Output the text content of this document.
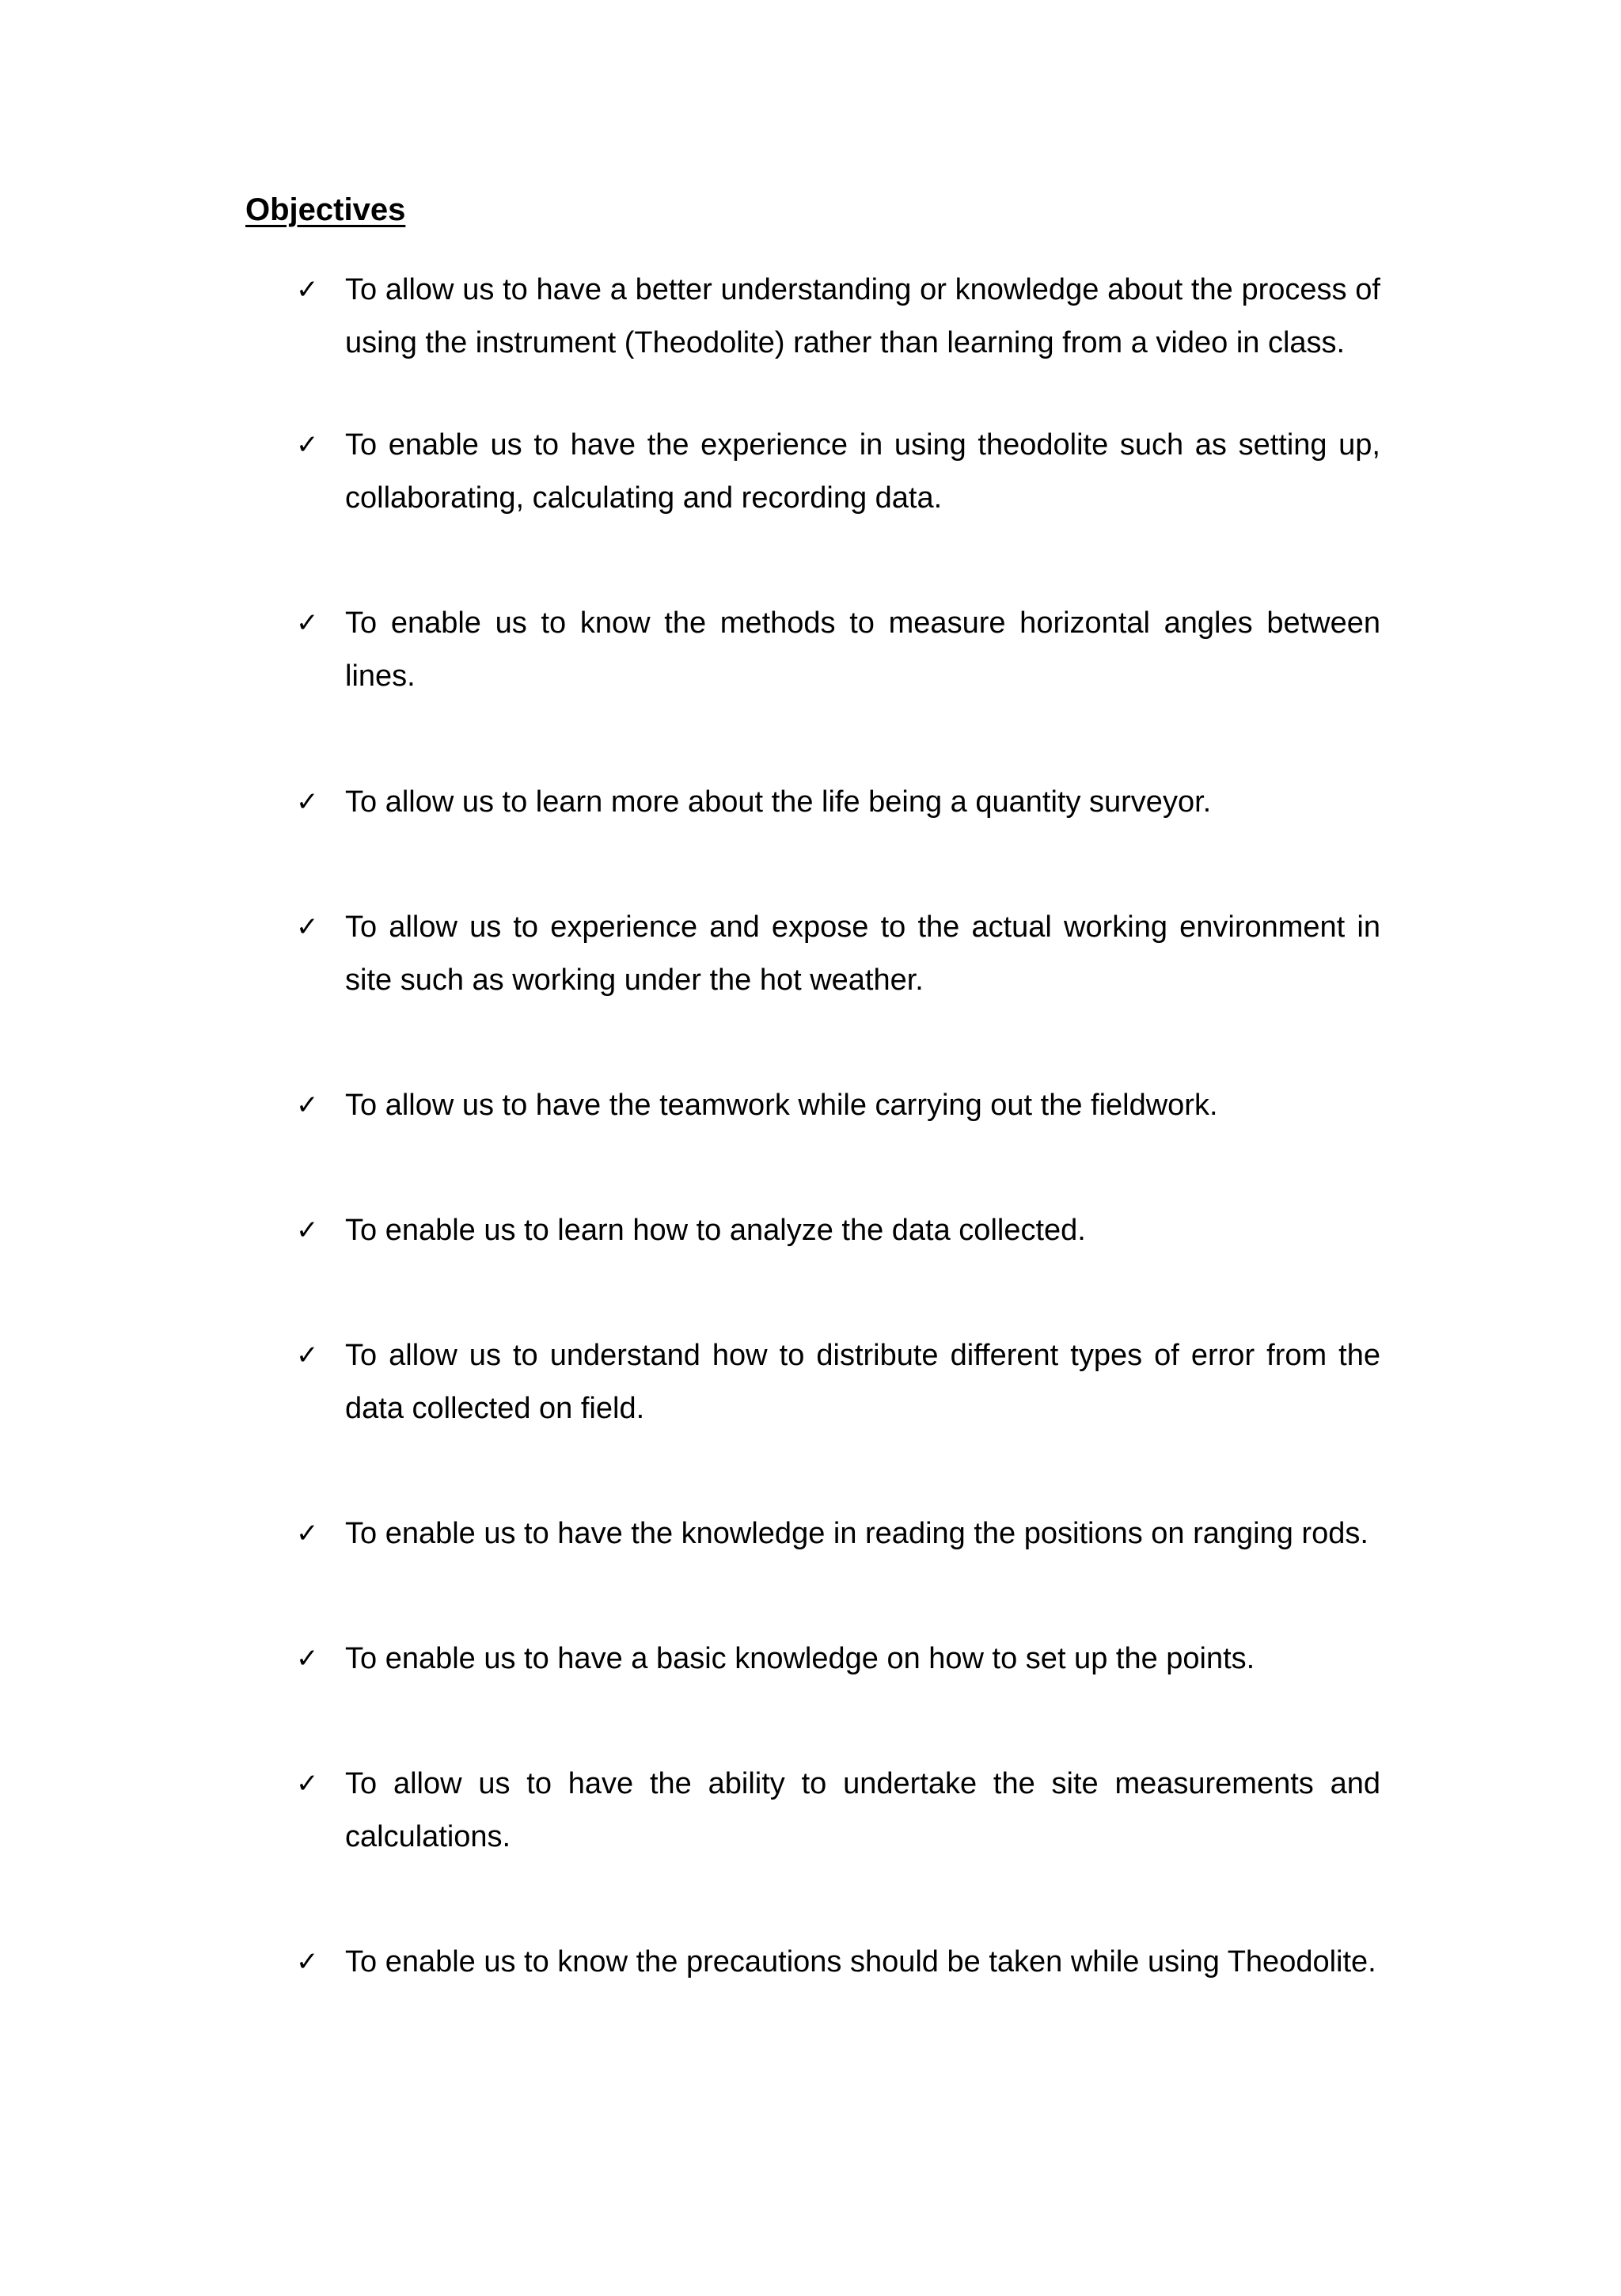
Objectives
✓ To allow us to have a better understanding or knowledge about the process of using the instrument (Theodolite) rather than learning from a video in class.
✓ To enable us to have the experience in using theodolite such as setting up, collaborating, calculating and recording data.
✓ To enable us to know the methods to measure horizontal angles between lines.
✓ To allow us to learn more about the life being a quantity surveyor.
✓ To allow us to experience and expose to the actual working environment in site such as working under the hot weather.
✓ To allow us to have the teamwork while carrying out the fieldwork.
✓ To enable us to learn how to analyze the data collected.
✓ To allow us to understand how to distribute different types of error from the data collected on field.
✓ To enable us to have the knowledge in reading the positions on ranging rods.
✓ To enable us to have a basic knowledge on how to set up the points.
✓ To allow us to have the ability to undertake the site measurements and calculations.
✓ To enable us to know the precautions should be taken while using Theodolite.
